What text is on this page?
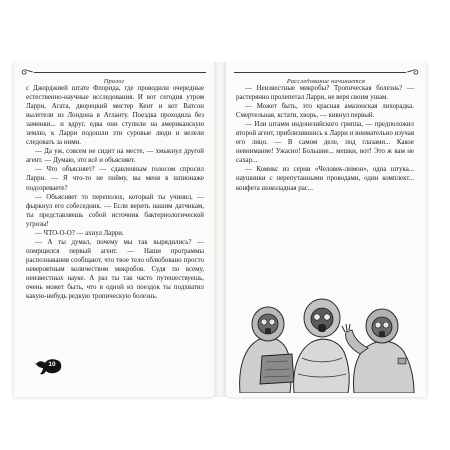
Пролог

с Джорджией штате Флорида, где проводили очередные естественно-научные исследования. И вот сегодня утром Ларри, Агата, дворецкий мистер Кент и кот Ватсон вылетели из Лондона в Атланту. Поездка проходила без заминки... и вдруг, едва они ступили на американскую землю, к Ларри подошли эти суровые люди и велели следовать за ними.

— Да уж, совсем не сидит на месте, — хмыкнул другой агент. — Думаю, это всё и объясняет.

— Что объясняет? — сдавленным голосом спросил Ларри. — Я что-то не пойму, вы меня в шпионаже подозреваете?

— Объясняет то переполох, который ты учинил, — фыркнул его собеседник. — Если верить нашим датчикам, ты представляешь собой источник бактериологической угрозы!

— ЧТО-О-О? — ахнул Ларри.

— А ты думал, почему мы так вырядились? — помрщился первый агент. — Наши программы распознавания сообщают, что твое тело облюбовано просто невероятным количеством микробов. Судя по всему, неизвестных науке. А раз ты так часто путешествуешь, очень может быть, что в одной из поездок ты подхватил какую-нибудь редкую тропическую болезнь.

10
Расследование начинается

— Неизвестные микробы? Тропическая болезнь? — растерянно пролепетал Ларри, не веря своим ушам.

— Может быть, это красная амазонская лихорадка. Смертельная, кстати, хворь, — кивнул первый.

— Или штамм индонезийского гриппа, — предположил второй агент, приблизившись к Ларри и внимательно изучая его лицо. — В самом деле, под глазами... Какое невнимание! Ужасно! Большие... мешки, вот! Это ж вам не сахар...

— Комикс из серии «Человек-лимон», одна штука... наушники с перепутанными проводами, один комплект... конфета шоколадная рас...
